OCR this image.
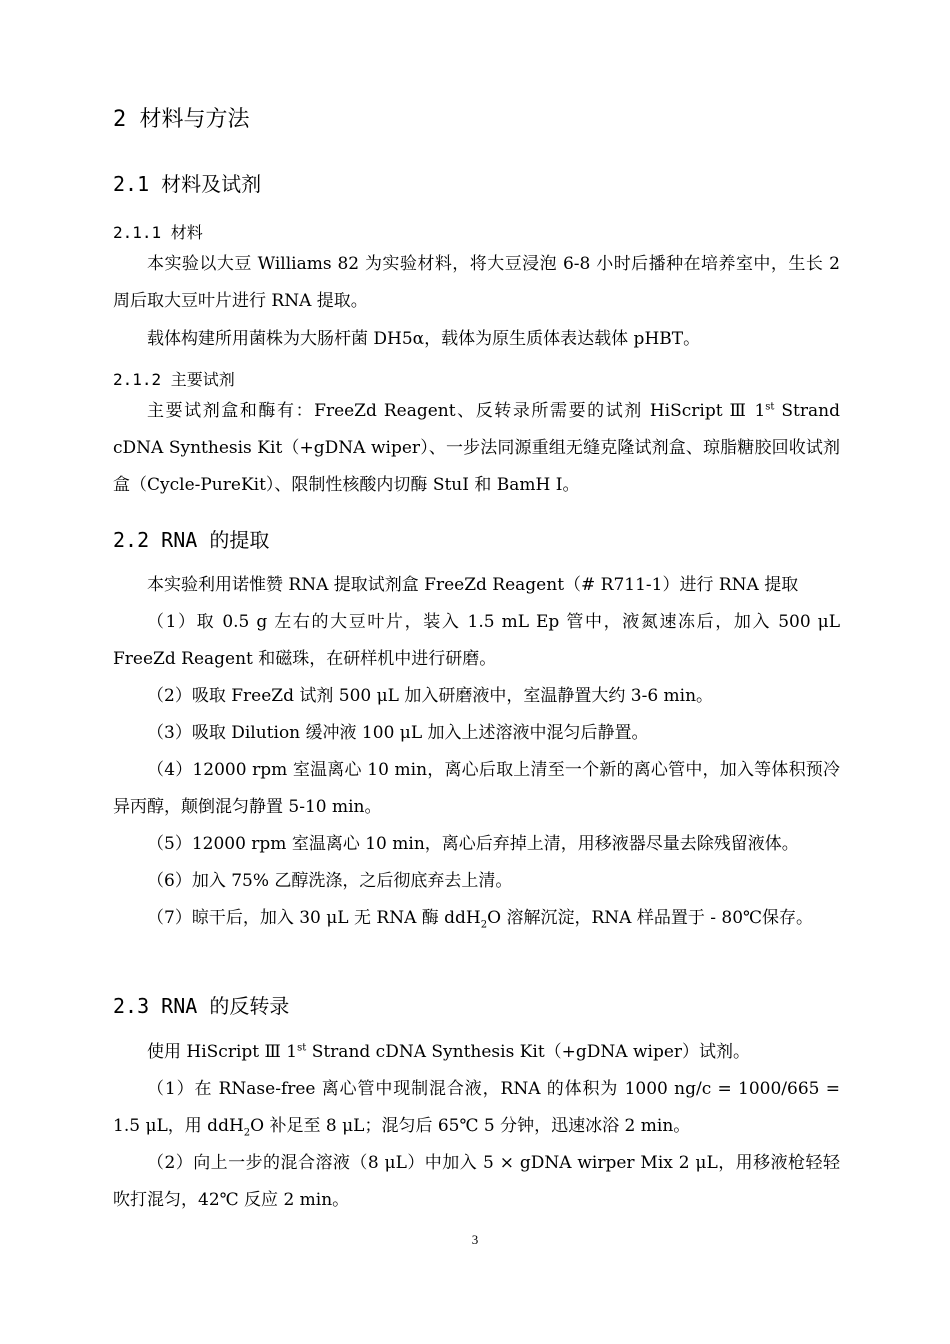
2 材料与方法
2.1 材料及试剂
2.1.1 材料

本实验以大豆 Williams 82 为实验材料，将大豆浸泡 6-8 小时后播种在培养室中，生长 2 周后取大豆叶片进行 RNA 提取。

载体构建所用菌株为大肠杆菌 DH5α，载体为原生质体表达载体 pHBT。

2.1.2 主要试剂

主要试剂盒和酶有：FreeZd Reagent、反转录所需要的试剂 HiScript Ⅲ 1st Strand cDNA Synthesis Kit（+gDNA wiper）、一步法同源重组无缝克隆试剂盒、琼脂糖胶回收试剂盒（Cycle-PureKit）、限制性核酸内切酶 StuⅠ 和 BamH Ⅰ。

2.2 RNA 的提取

本实验利用诺惟赞 RNA 提取试剂盒 FreeZd Reagent（# R711-1）进行 RNA 提取

（1）取 0.5 g 左右的大豆叶片，装入 1.5 mL Ep 管中，液氮速冻后，加入 500 μL FreeZd Reagent 和磁珠，在研样机中进行研磨。

（2）吸取 FreeZd 试剂 500 μL 加入研磨液中，室温静置大约 3-6 min。

（3）吸取 Dilution 缓冲液 100 μL 加入上述溶液中混匀后静置。

（4）12000 rpm 室温离心 10 min，离心后取上清至一个新的离心管中，加入等体积预冷异丙醇，颠倒混匀静置 5-10 min。

（5）12000 rpm 室温离心 10 min，离心后弃掉上清，用移液器尽量去除残留液体。

（6）加入 75% 乙醇洗涤，之后彻底弃去上清。

（7）晾干后，加入 30 μL 无 RNA 酶 ddH$_2$O 溶解沉淀，RNA 样品置于 - 80℃保存。

2.3 RNA 的反转录

使用 HiScript Ⅲ 1st Strand cDNA Synthesis Kit（+gDNA wiper）试剂。

（1）在 RNase-free 离心管中现制混合液，RNA 的体积为 1000 ng/c = 1000/665 = 1.5 μL，用 ddH$_2$O 补足至 8 μL；混匀后 65℃ 5 分钟，迅速冰浴 2 min。

（2）向上一步的混合溶液（8 μL）中加入 5 × gDNA wirper Mix 2 μL，用移液枪轻轻吹打混匀，42℃ 反应 2 min。

3
